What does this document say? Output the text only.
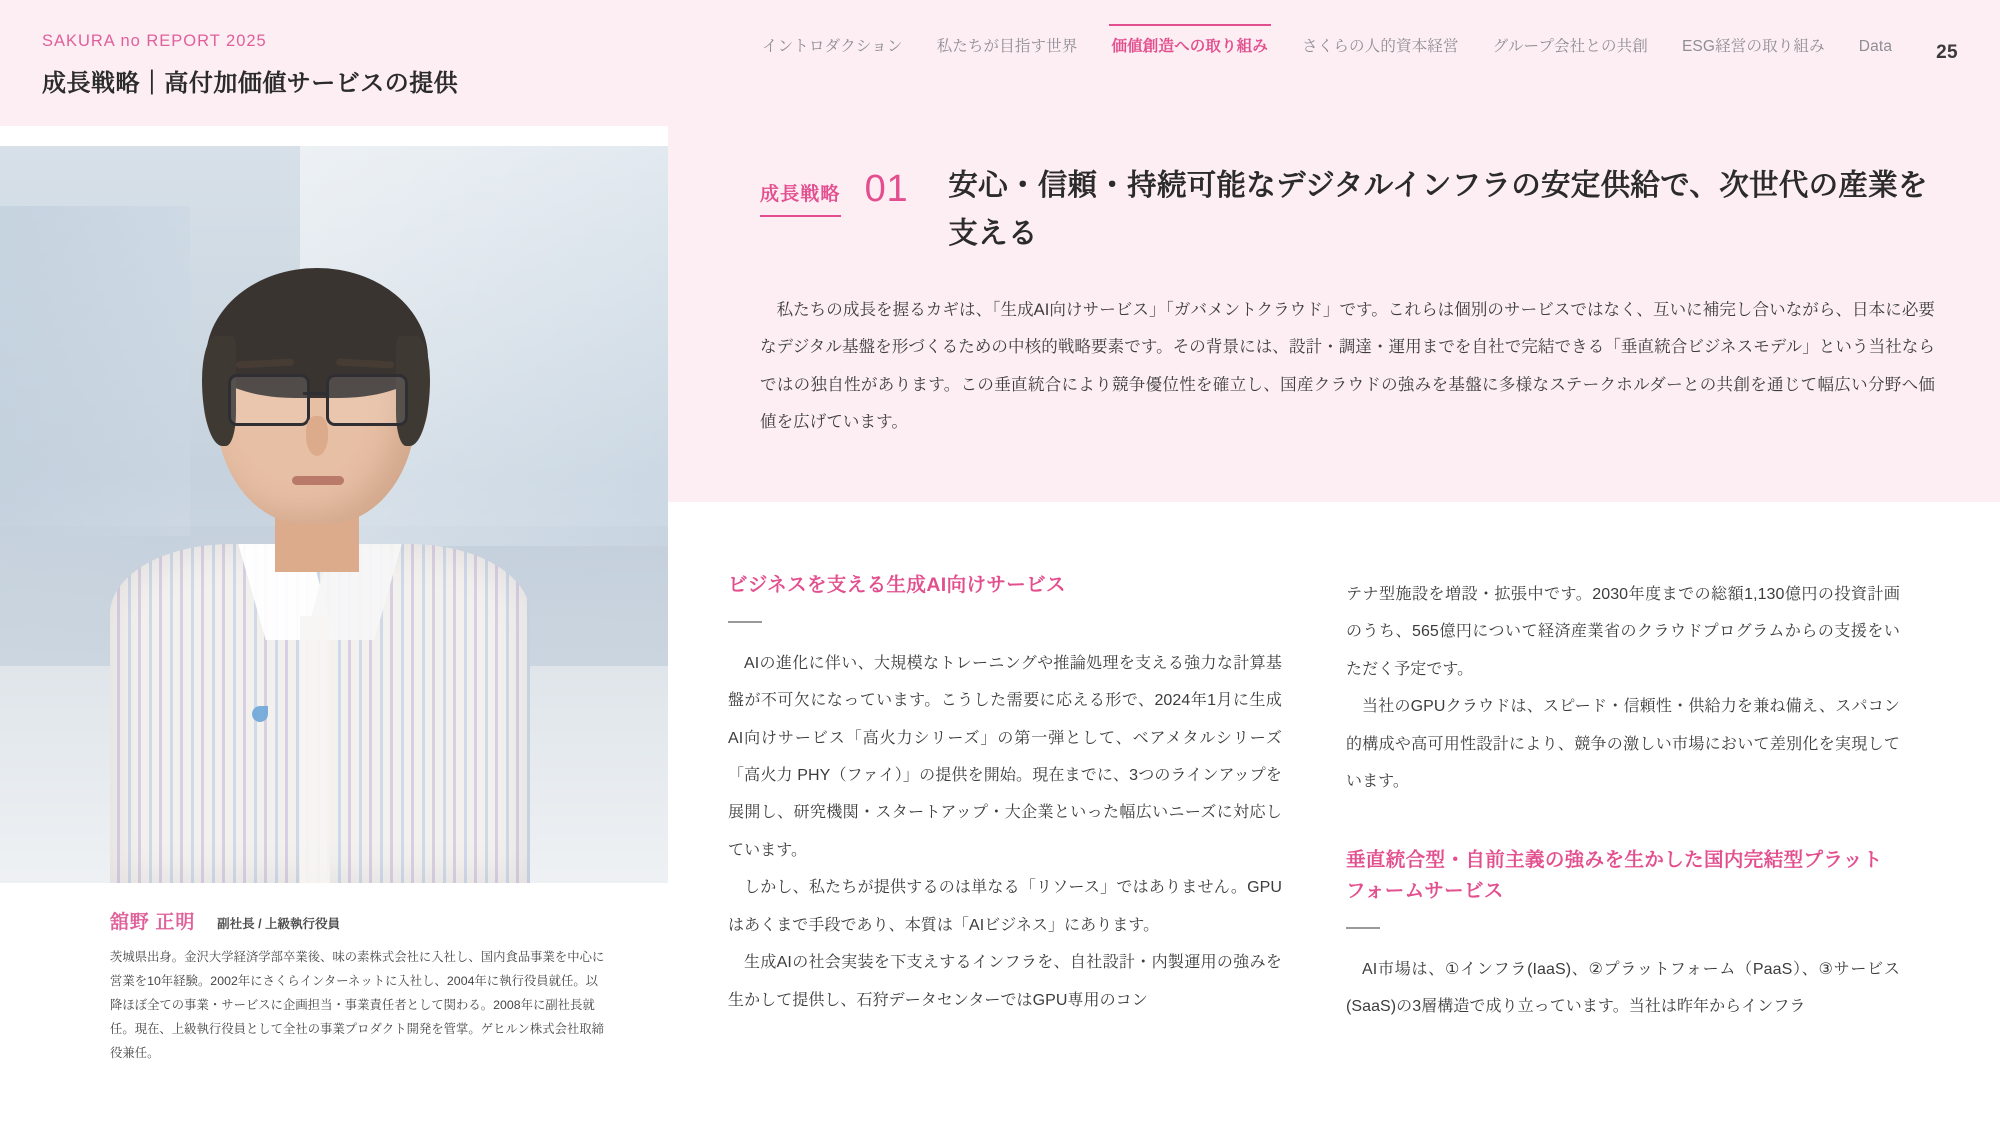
SAKURA no REPORT 2025
成長戦略｜高付加価値サービスの提供
イントロダクション	私たちが目指す世界	価値創造への取り組み	さくらの人的資本経営	グループ会社との共創	ESG経営の取り組み	Data	25
舘野 正明 副社長 / 上級執行役員
茨城県出身。金沢大学経済学部卒業後、味の素株式会社に入社し、国内食品事業を中心に営業を10年経験。2002年にさくらインターネットに入社し、2004年に執行役員就任。以降ほぼ全ての事業・サービスに企画担当・事業責任者として関わる。2008年に副社長就任。現在、上級執行役員として全社の事業プロダクト開発を管掌。ゲヒルン株式会社取締役兼任。
成長戦略 01 安心・信頼・持続可能なデジタルインフラの安定供給で、次世代の産業を支える

私たちの成長を握るカギは、「生成AI向けサービス」「ガバメントクラウド」です。これらは個別のサービスではなく、互いに補完し合いながら、日本に必要なデジタル基盤を形づくるための中核的戦略要素です。その背景には、設計・調達・運用までを自社で完結できる「垂直統合ビジネスモデル」という当社ならではの独自性があります。この垂直統合により競争優位性を確立し、国産クラウドの強みを基盤に多様なステークホルダーとの共創を通じて幅広い分野へ価値を広げています。

ビジネスを支える生成AI向けサービス

AIの進化に伴い、大規模なトレーニングや推論処理を支える強力な計算基盤が不可欠になっています。こうした需要に応える形で、2024年1月に生成AI向けサービス「高火力シリーズ」の第一弾として、ベアメタルシリーズ「高火力 PHY（ファイ）」の提供を開始。現在までに、3つのラインアップを展開し、研究機関・スタートアップ・大企業といった幅広いニーズに対応しています。

しかし、私たちが提供するのは単なる「リソース」ではありません。GPUはあくまで手段であり、本質は「AIビジネス」にあります。

生成AIの社会実装を下支えするインフラを、自社設計・内製運用の強みを生かして提供し、石狩データセンターではGPU専用のコン

テナ型施設を増設・拡張中です。2030年度までの総額1,130億円の投資計画のうち、565億円について経済産業省のクラウドプログラムからの支援をいただく予定です。

当社のGPUクラウドは、スピード・信頼性・供給力を兼ね備え、スパコン的構成や高可用性設計により、競争の激しい市場において差別化を実現しています。

垂直統合型・自前主義の強みを生かした国内完結型プラットフォームサービス

AI市場は、①インフラ(IaaS)、②プラットフォーム（PaaS）、③サービス(SaaS)の3層構造で成り立っています。当社は昨年からインフラ
